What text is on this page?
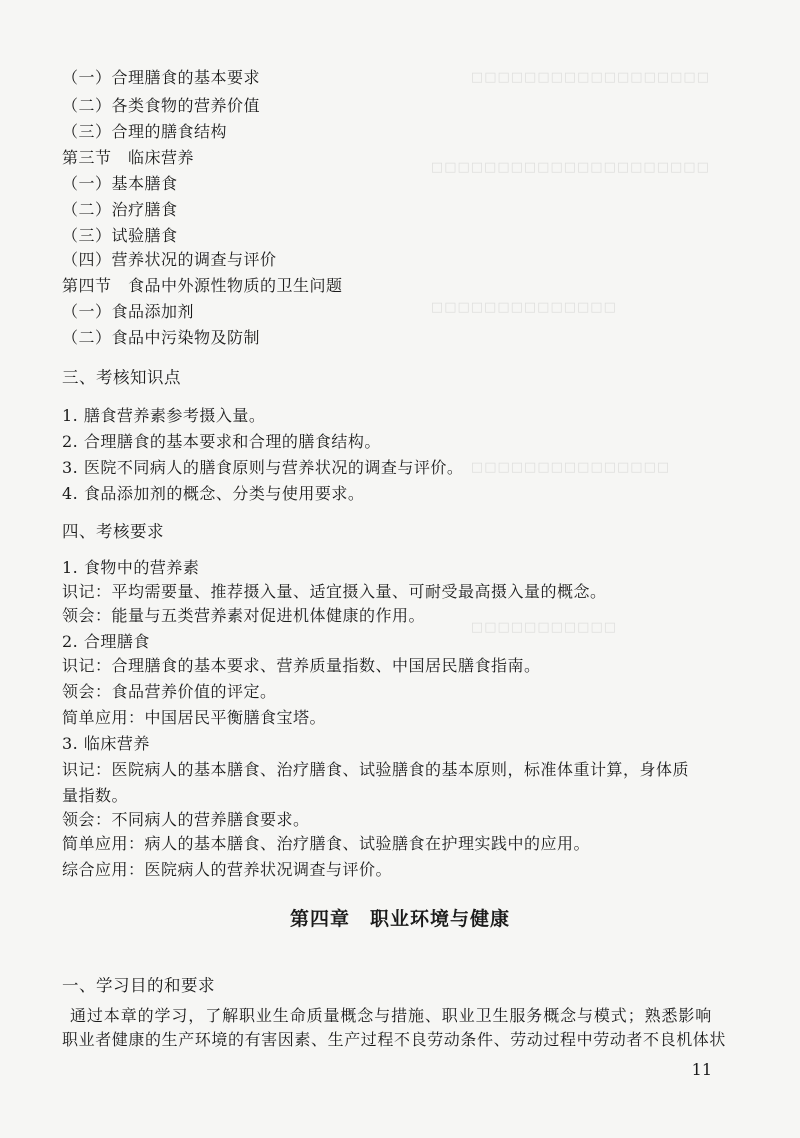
□□□□□□□□□□□□□□□□□□
□□□□□□□□□□□□□□□□□□□□□
□□□□□□□□□□□□□□
□□□□□□□□□□□□□□□
□□□□□□□□□□□
（一）合理膳食的基本要求
（二）各类食物的营养价值
（三）合理的膳食结构
第三节　临床营养
（一）基本膳食
（二）治疗膳食
（三）试验膳食
（四）营养状况的调查与评价
第四节　食品中外源性物质的卫生问题
（一）食品添加剂
（二）食品中污染物及防制
三、考核知识点
1. 膳食营养素参考摄入量。
2. 合理膳食的基本要求和合理的膳食结构。
3. 医院不同病人的膳食原则与营养状况的调查与评价。
4. 食品添加剂的概念、分类与使用要求。
四、考核要求
1. 食物中的营养素
识记：平均需要量、推荐摄入量、适宜摄入量、可耐受最高摄入量的概念。
领会：能量与五类营养素对促进机体健康的作用。
2. 合理膳食
识记：合理膳食的基本要求、营养质量指数、中国居民膳食指南。
领会：食品营养价值的评定。
简单应用：中国居民平衡膳食宝塔。
3. 临床营养
识记：医院病人的基本膳食、治疗膳食、试验膳食的基本原则，标准体重计算，身体质
量指数。
领会：不同病人的营养膳食要求。
简单应用：病人的基本膳食、治疗膳食、试验膳食在护理实践中的应用。
综合应用：医院病人的营养状况调查与评价。
第四章　职业环境与健康
一、学习目的和要求
通过本章的学习，了解职业生命质量概念与措施、职业卫生服务概念与模式；熟悉影响
职业者健康的生产环境的有害因素、生产过程不良劳动条件、劳动过程中劳动者不良机体状
11
